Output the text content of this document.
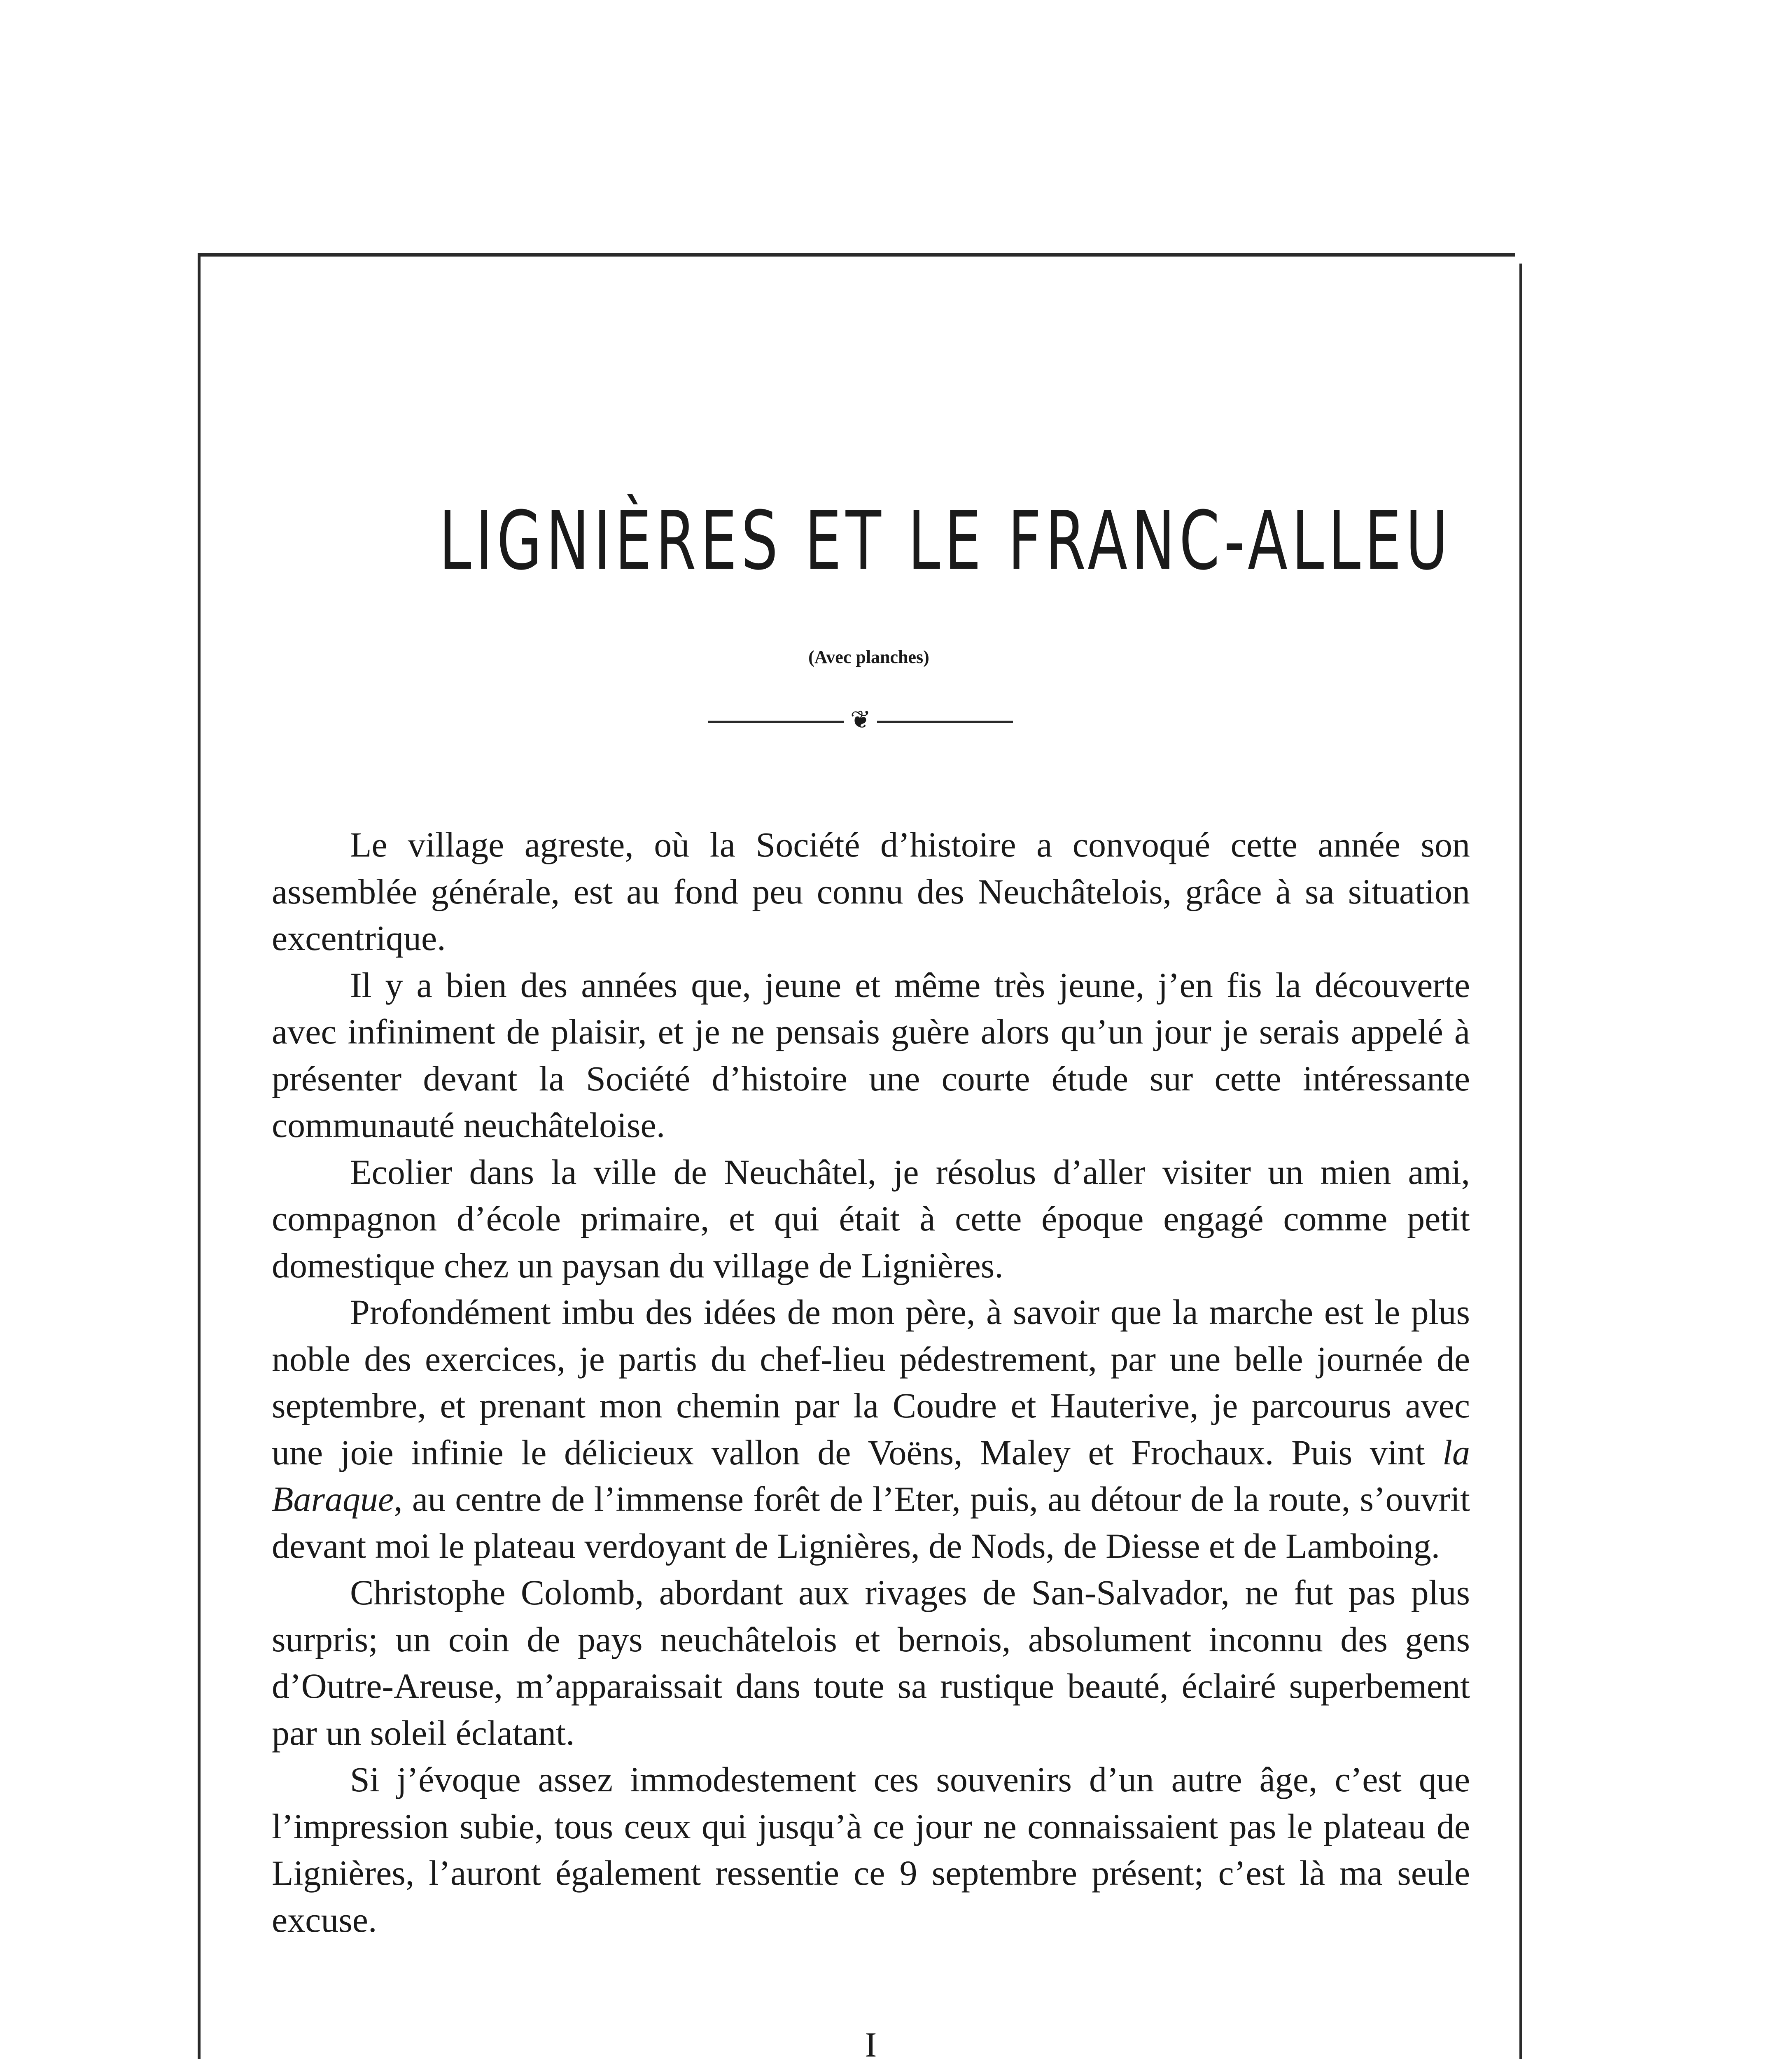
LIGNIÈRES ET LE FRANC-ALLEU
(Avec planches)
❦

Le village agreste, où la Société d’histoire a convoqué cette année son assemblée générale, est au fond peu connu des Neuchâtelois, grâce à sa situation excentrique.

Il y a bien des années que, jeune et même très jeune, j’en fis la découverte avec infiniment de plaisir, et je ne pensais guère alors qu’un jour je serais appelé à présenter devant la Société d’histoire une courte étude sur cette intéressante communauté neuchâteloise.

Ecolier dans la ville de Neuchâtel, je résolus d’aller visiter un mien ami, compagnon d’école primaire, et qui était à cette époque engagé comme petit domestique chez un paysan du village de Lignières.

Profondément imbu des idées de mon père, à savoir que la marche est le plus noble des exercices, je partis du chef-lieu pédestrement, par une belle journée de septembre, et prenant mon chemin par la Coudre et Hauterive, je parcourus avec une joie infinie le délicieux vallon de Voëns, Maley et Frochaux. Puis vint la Baraque, au centre de l’immense forêt de l’Eter, puis, au détour de la route, s’ouvrit devant moi le plateau verdoyant de Lignières, de Nods, de Diesse et de Lamboing.

Christophe Colomb, abordant aux rivages de San-Salvador, ne fut pas plus surpris; un coin de pays neuchâtelois et bernois, absolument inconnu des gens d’Outre-Areuse, m’apparaissait dans toute sa rustique beauté, éclairé superbement par un soleil éclatant.

Si j’évoque assez immodestement ces souvenirs d’un autre âge, c’est que l’impression subie, tous ceux qui jusqu’à ce jour ne connaissaient pas le plateau de Lignières, l’auront également ressentie ce 9 septembre présent; c’est là ma seule excuse.

I
